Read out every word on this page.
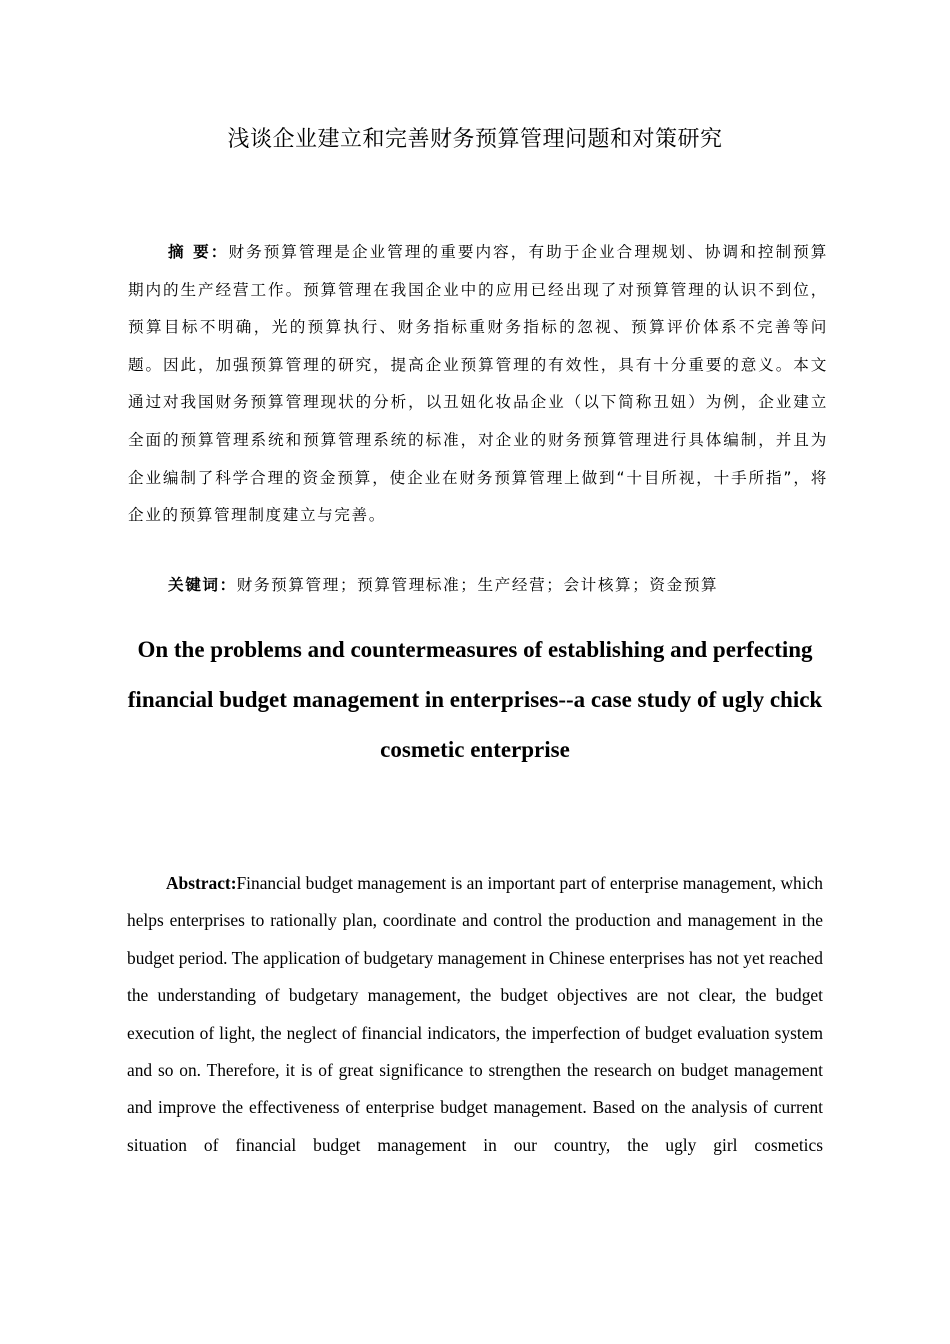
浅谈企业建立和完善财务预算管理问题和对策研究

摘 要：财务预算管理是企业管理的重要内容，有助于企业合理规划、协调和控制预算期内的生产经营工作。预算管理在我国企业中的应用已经出现了对预算管理的认识不到位，预算目标不明确，光的预算执行、财务指标重财务指标的忽视、预算评价体系不完善等问题。因此，加强预算管理的研究，提高企业预算管理的有效性，具有十分重要的意义。本文通过对我国财务预算管理现状的分析，以丑妞化妆品企业（以下简称丑妞）为例，企业建立全面的预算管理系统和预算管理系统的标准，对企业的财务预算管理进行具体编制，并且为企业编制了科学合理的资金预算，使企业在财务预算管理上做到“十目所视，十手所指”，将企业的预算管理制度建立与完善。

关键词：财务预算管理；预算管理标准；生产经营；会计核算；资金预算

On the problems and countermeasures of establishing and perfecting financial budget management in enterprises--a case study of ugly chick cosmetic enterprise

Abstract:Financial budget management is an important part of enterprise management, which helps enterprises to rationally plan, coordinate and control the production and management in the budget period. The application of budgetary management in Chinese enterprises has not yet reached the understanding of budgetary management, the budget objectives are not clear, the budget execution of light, the neglect of financial indicators, the imperfection of budget evaluation system and so on. Therefore, it is of great significance to strengthen the research on budget management and improve the effectiveness of enterprise budget management. Based on the analysis of current situation of financial budget management in our country, the ugly girl cosmetics
